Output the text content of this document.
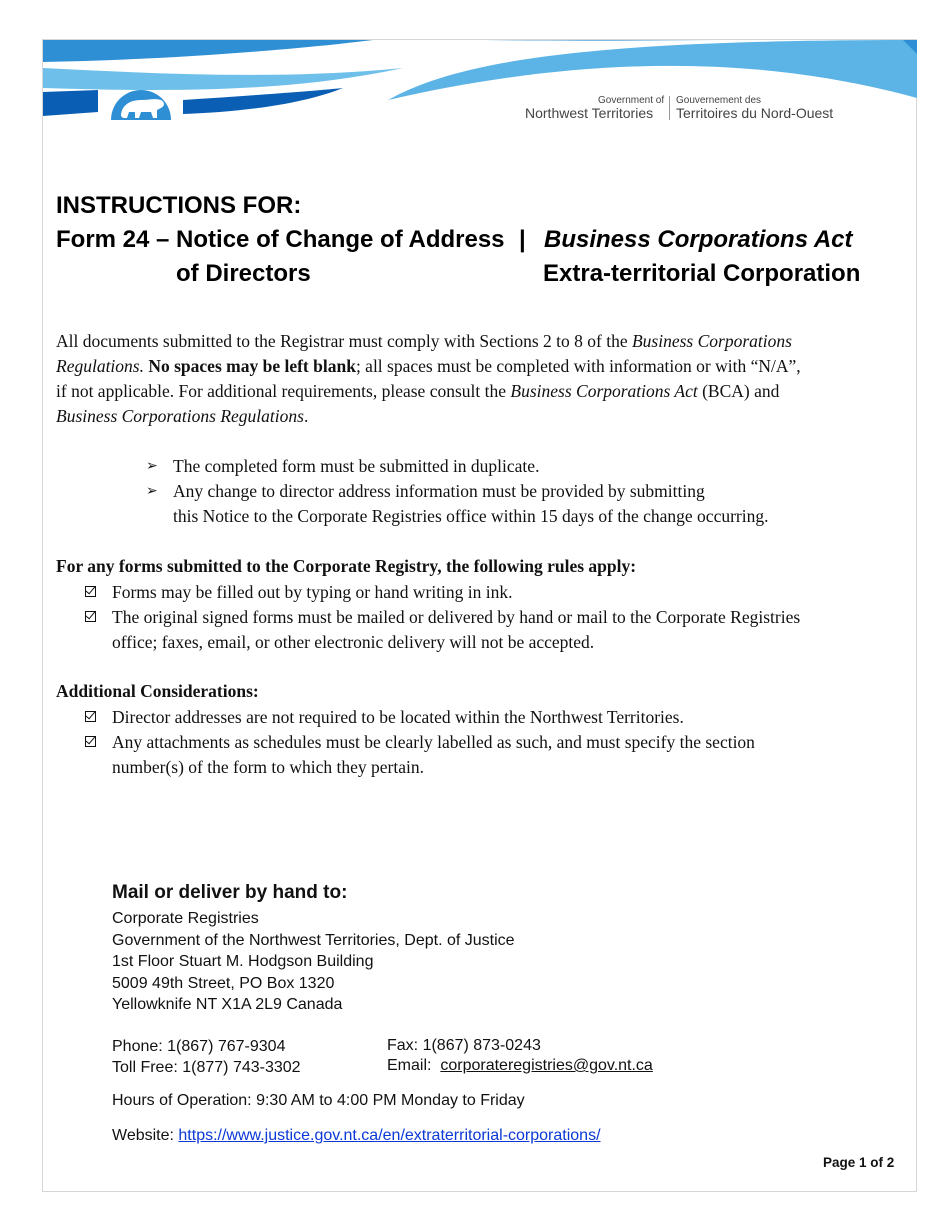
Government of
Northwest Territories
Gouvernement des
Territoires du Nord-Ouest
INSTRUCTIONS FOR:
Form 24 – Notice of Change of Address | Business Corporations Act
of Directors	Extra-territorial Corporation
All documents submitted to the Registrar must comply with Sections 2 to 8 of the Business Corporations
Regulations. No spaces may be left blank; all spaces must be completed with information or with “N/A”,
if not applicable. For additional requirements, please consult the Business Corporations Act (BCA) and
Business Corporations Regulations.
➢ The completed form must be submitted in duplicate.
➢ Any change to director address information must be provided by submitting
this Notice to the Corporate Registries office within 15 days of the change occurring.
For any forms submitted to the Corporate Registry, the following rules apply:
Forms may be filled out by typing or hand writing in ink.
The original signed forms must be mailed or delivered by hand or mail to the Corporate Registries
office; faxes, email, or other electronic delivery will not be accepted.
Additional Considerations:
Director addresses are not required to be located within the Northwest Territories.
Any attachments as schedules must be clearly labelled as such, and must specify the section
number(s) of the form to which they pertain.
Mail or deliver by hand to:
Corporate Registries
Government of the Northwest Territories, Dept. of Justice
1st Floor Stuart M. Hodgson Building
5009 49th Street, PO Box 1320
Yellowknife NT X1A 2L9 Canada
Phone: 1(867) 767-9304
Toll Free: 1(877) 743-3302
Fax: 1(867) 873-0243
Email: corporateregistries@gov.nt.ca
Hours of Operation: 9:30 AM to 4:00 PM Monday to Friday
Website: https://www.justice.gov.nt.ca/en/extraterritorial-corporations/
Page 1 of 2
